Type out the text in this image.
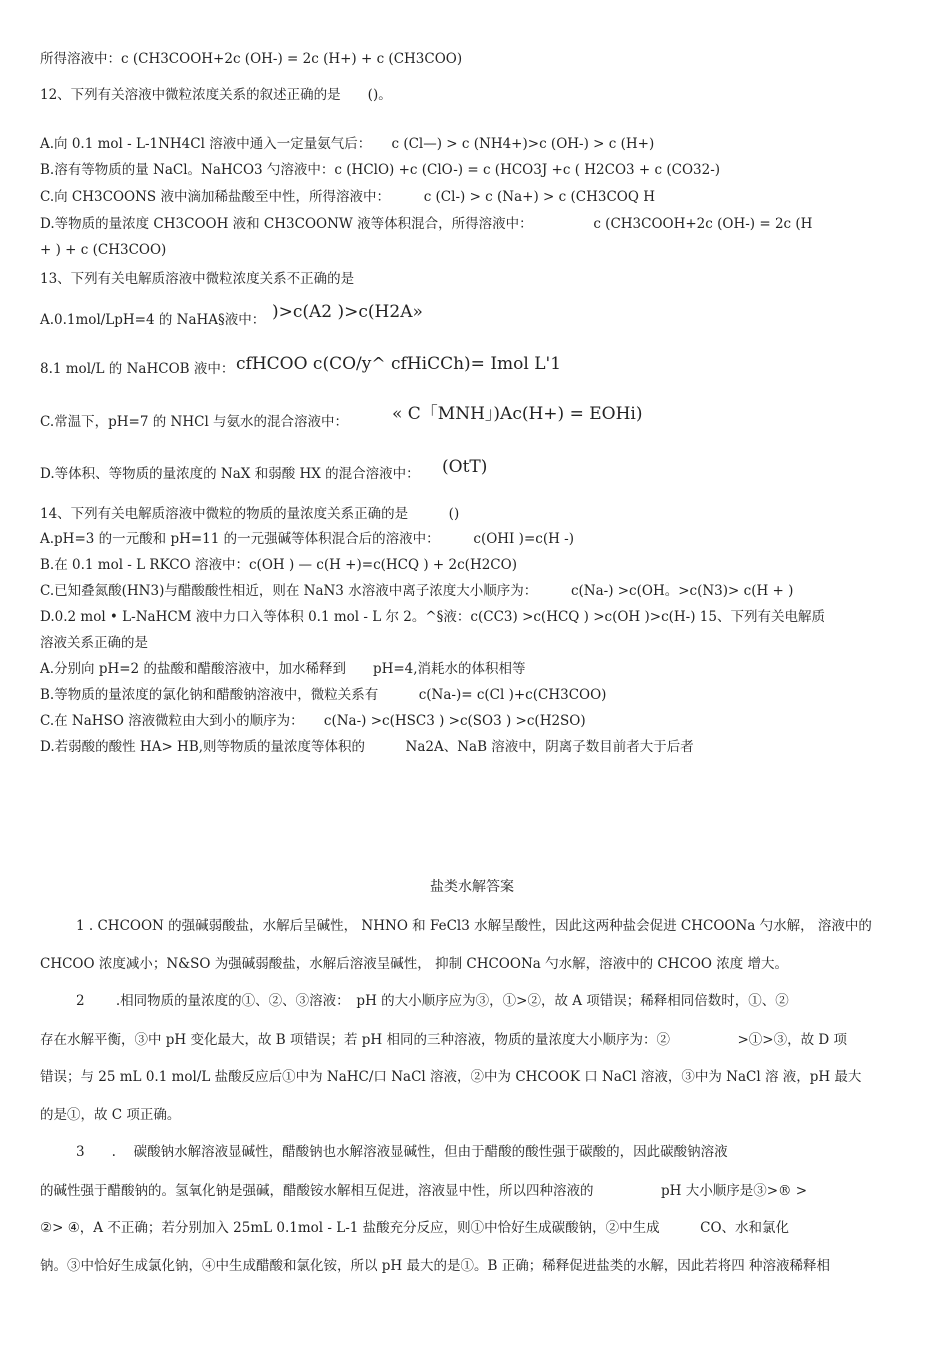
所得溶液中：c (CH3COOH+2c (OH-) = 2c (H+) + c (CH3COO)
12、下列有关溶液中微粒浓度关系的叙述正确的是　　()。
A.向 0.1 mol - L-1NH4Cl 溶液中通入一定量氨气后：　　c (Cl—) > c (NH4+)>c (OH-) > c (H+)
B.溶有等物质的量 NaCl。NaHCO3 勺溶液中：c (HClO) +c (ClO-) = c (HCO3J +c ( H2CO3 + c (CO32-)
C.向 CH3COONS 液中滴加稀盐酸至中性，所得溶液中：　　　c (Cl-) > c (Na+) > c (CH3COQ H
D.等物质的量浓度 CH3COOH 液和 CH3COONW 液等体积混合，所得溶液中：　　　　　c (CH3COOH+2c (OH-) = 2c (H
+ ) + c (CH3COO)
13、下列有关电解质溶液中微粒浓度关系不正确的是
A.0.1mol/LpH=4 的 NaHA§液中： )>c(A2 )>c(H2A»
8.1 mol/L 的 NaHCOB 液中： cfHCOO c(CO/y^ cfHiCCh)= Imol L'1
C.常温下，pH=7 的 NHCl 与氨水的混合溶液中：	« C「MNH」)Ac(H+) = EOHi)
D.等体积、等物质的量浓度的 NaX 和弱酸 HX 的混合溶液中： (OtT)
14、下列有关电解质溶液中微粒的物质的量浓度关系正确的是　　　()
A.pH=3 的一元酸和 pH=11 的一元强碱等体积混合后的溶液中：　　　c(OHI )=c(H -)
B.在 0.1 mol - L RKCO 溶液中：c(OH ) — c(H +)=c(HCQ ) + 2c(H2CO)
C.已知叠氮酸(HN3)与醋酸酸性相近，则在 NaN3 水溶液中离子浓度大小顺序为：　　　c(Na-) >c(OH。>c(N3)> c(H + )
D.0.2 mol • L-NaHCM 液中力口入等体积 0.1 mol - L 尔 2。^§液：c(CC3) >c(HCQ ) >c(OH )>c(H-) 15、下列有关电解质
溶液关系正确的是
A.分别向 pH=2 的盐酸和醋酸溶液中，加水稀释到　　pH=4,消耗水的体积相等
B.等物质的量浓度的氯化钠和醋酸钠溶液中，微粒关系有　　　c(Na-)= c(Cl )+c(CH3COO)
C.在 NaHSO 溶液微粒由大到小的顺序为：　　c(Na-) >c(HSC3 ) >c(SO3 ) >c(H2SO)
D.若弱酸的酸性 HA> HB,则等物质的量浓度等体积的　　　Na2A、NaB 溶液中，阴离子数目前者大于后者
盐类水解答案
1 . CHCOON 的强碱弱酸盐，水解后呈碱性， NHNO 和 FeCl3 水解呈酸性，因此这两种盐会促进 CHCOONa 勺水解， 溶液中的
CHCOO 浓度减小；N&SO 为强碱弱酸盐，水解后溶液呈碱性， 抑制 CHCOONa 勺水解，溶液中的 CHCOO 浓度 增大。
2 　　.相同物质的量浓度的①、②、③溶液：　pH 的大小顺序应为③，①>②，故 A 项错误；稀释相同倍数时，①、②
存在水解平衡，③中 pH 变化最大，故 B 项错误；若 pH 相同的三种溶液，物质的量浓度大小顺序为：②　　　　　>①>③，故 D 项
错误；与 25 mL 0.1 mol/L 盐酸反应后①中为 NaHC/口 NaCl 溶液，②中为 CHCOOK 口 NaCl 溶液，③中为 NaCl 溶 液，pH 最大
的是①，故 C 项正确。
3　　.　 碳酸钠水解溶液显碱性，醋酸钠也水解溶液显碱性，但由于醋酸的酸性强于碳酸的，因此碳酸钠溶液
的碱性强于醋酸钠的。氢氧化钠是强碱，醋酸铵水解相互促进，溶液显中性，所以四种溶液的　　　　　pH 大小顺序是③>® >
②> ④，A 不正确；若分别加入 25mL 0.1mol - L-1 盐酸充分反应，则①中恰好生成碳酸钠，②中生成　　　CO、水和氯化
钠。③中恰好生成氯化钠，④中生成醋酸和氯化铵，所以 pH 最大的是①。B 正确；稀释促进盐类的水解，因此若将四 种溶液稀释相
